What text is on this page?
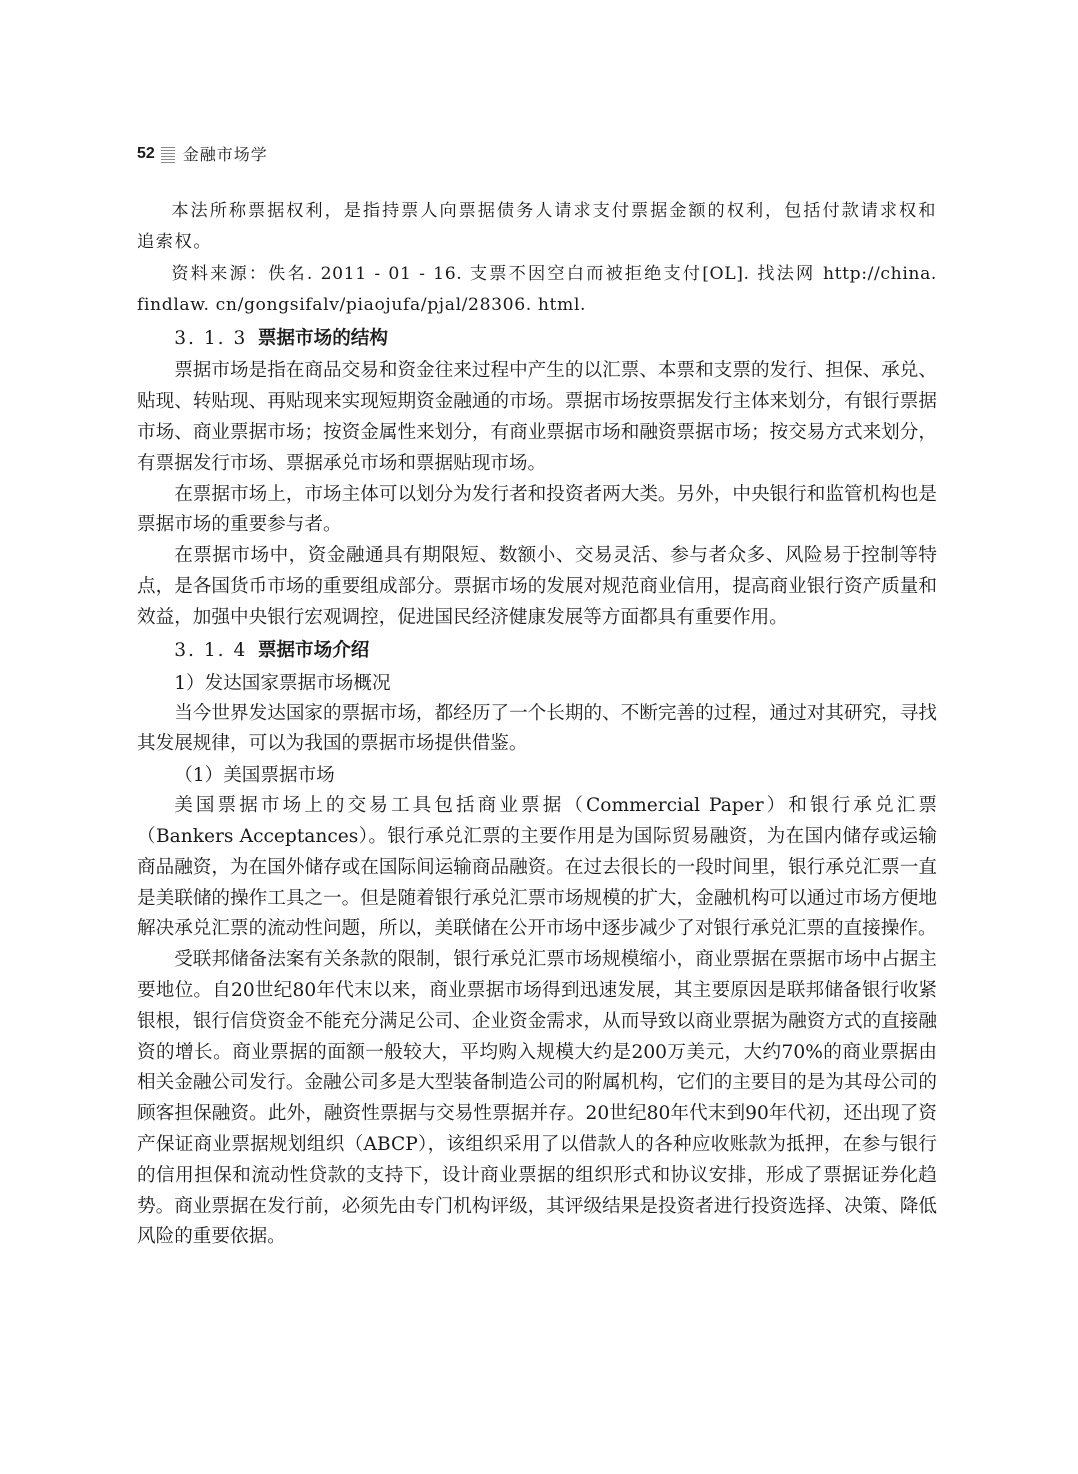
52 金融市场学

本法所称票据权利，是指持票人向票据债务人请求支付票据金额的权利，包括付款请求权和追索权。

资料来源：佚名. 2011 - 01 - 16. 支票不因空白而被拒绝支付[OL]. 找法网 http://china. findlaw. cn/gongsifalv/piaojufa/pjal/28306. html.

3. 1. 3 票据市场的结构

票据市场是指在商品交易和资金往来过程中产生的以汇票、本票和支票的发行、担保、承兑、贴现、转贴现、再贴现来实现短期资金融通的市场。票据市场按票据发行主体来划分，有银行票据市场、商业票据市场；按资金属性来划分，有商业票据市场和融资票据市场；按交易方式来划分，有票据发行市场、票据承兑市场和票据贴现市场。

在票据市场上，市场主体可以划分为发行者和投资者两大类。另外，中央银行和监管机构也是票据市场的重要参与者。

在票据市场中，资金融通具有期限短、数额小、交易灵活、参与者众多、风险易于控制等特点，是各国货币市场的重要组成部分。票据市场的发展对规范商业信用，提高商业银行资产质量和效益，加强中央银行宏观调控，促进国民经济健康发展等方面都具有重要作用。

3. 1. 4 票据市场介绍

1）发达国家票据市场概况

当今世界发达国家的票据市场，都经历了一个长期的、不断完善的过程，通过对其研究，寻找其发展规律，可以为我国的票据市场提供借鉴。

（1）美国票据市场

美国票据市场上的交易工具包括商业票据（Commercial Paper）和银行承兑汇票（Bankers Acceptances）。银行承兑汇票的主要作用是为国际贸易融资，为在国内储存或运输商品融资，为在国外储存或在国际间运输商品融资。在过去很长的一段时间里，银行承兑汇票一直是美联储的操作工具之一。但是随着银行承兑汇票市场规模的扩大，金融机构可以通过市场方便地解决承兑汇票的流动性问题，所以，美联储在公开市场中逐步减少了对银行承兑汇票的直接操作。

受联邦储备法案有关条款的限制，银行承兑汇票市场规模缩小，商业票据在票据市场中占据主要地位。自20世纪80年代末以来，商业票据市场得到迅速发展，其主要原因是联邦储备银行收紧银根，银行信贷资金不能充分满足公司、企业资金需求，从而导致以商业票据为融资方式的直接融资的增长。商业票据的面额一般较大，平均购入规模大约是200万美元，大约70%的商业票据由相关金融公司发行。金融公司多是大型装备制造公司的附属机构，它们的主要目的是为其母公司的顾客担保融资。此外，融资性票据与交易性票据并存。20世纪80年代末到90年代初，还出现了资产保证商业票据规划组织（ABCP），该组织采用了以借款人的各种应收账款为抵押，在参与银行的信用担保和流动性贷款的支持下，设计商业票据的组织形式和协议安排，形成了票据证券化趋势。商业票据在发行前，必须先由专门机构评级，其评级结果是投资者进行投资选择、决策、降低风险的重要依据。
